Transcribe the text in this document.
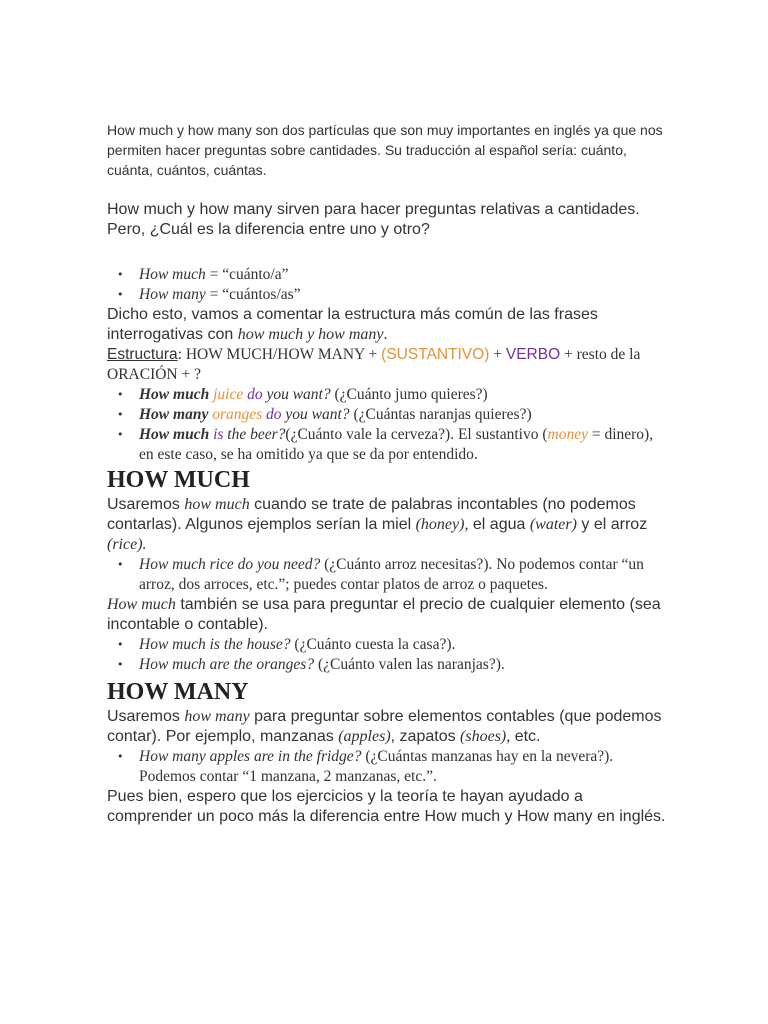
How much y how many son dos partículas que son muy importantes en inglés ya que nos permiten hacer preguntas sobre cantidades. Su traducción al español sería: cuánto, cuánta, cuántos, cuántas.

How much y how many sirven para hacer preguntas relativas a cantidades. Pero, ¿Cuál es la diferencia entre uno y otro?

• How much = “cuánto/a”
• How many = “cuántos/as”

Dicho esto, vamos a comentar la estructura más común de las frases interrogativas con how much y how many.

Estructura: HOW MUCH/HOW MANY + (SUSTANTIVO) + VERBO + resto de la ORACIÓN + ?

• How much juice do you want? (¿Cuánto jumo quieres?)
• How many oranges do you want? (¿Cuántas naranjas quieres?)
• How much is the beer?(¿Cuánto vale la cerveza?). El sustantivo (money = dinero), en este caso, se ha omitido ya que se da por entendido.
HOW MUCH

Usaremos how much cuando se trate de palabras incontables (no podemos contarlas). Algunos ejemplos serían la miel (honey), el agua (water) y el arroz (rice).

• How much rice do you need? (¿Cuánto arroz necesitas?). No podemos contar “un arroz, dos arroces, etc.”; puedes contar platos de arroz o paquetes.

How much también se usa para preguntar el precio de cualquier elemento (sea incontable o contable).

• How much is the house? (¿Cuánto cuesta la casa?).
• How much are the oranges? (¿Cuánto valen las naranjas?).
HOW MANY

Usaremos how many para preguntar sobre elementos contables (que podemos contar). Por ejemplo, manzanas (apples), zapatos (shoes), etc.

• How many apples are in the fridge? (¿Cuántas manzanas hay en la nevera?). Podemos contar “1 manzana, 2 manzanas, etc.”.

Pues bien, espero que los ejercicios y la teoría te hayan ayudado a comprender un poco más la diferencia entre How much y How many en inglés.
